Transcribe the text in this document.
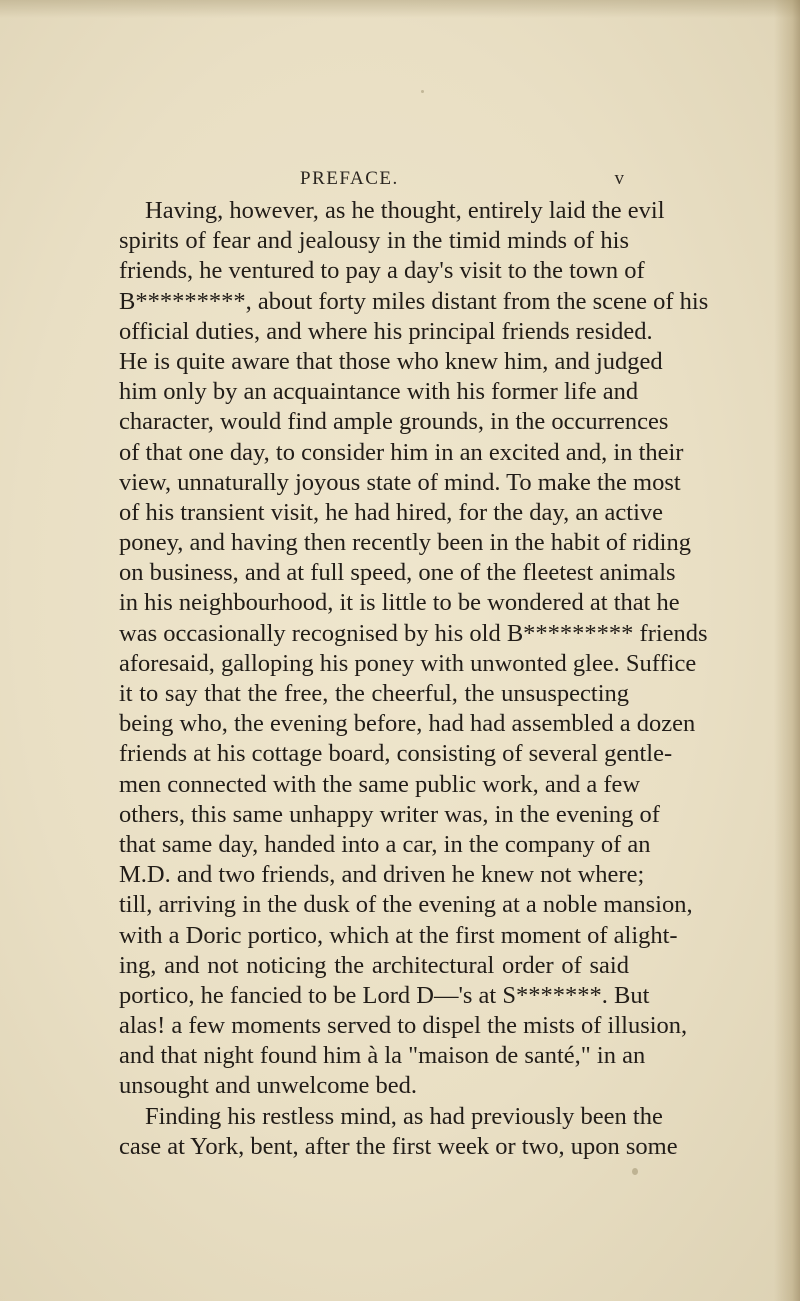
PREFACE.	v
Having, however, as he thought, entirely laid the evil
spirits of fear and jealousy in the timid minds of his
friends, he ventured to pay a day's visit to the town of
B*********, about forty miles distant from the scene of his
official duties, and where his principal friends resided.
He is quite aware that those who knew him, and judged
him only by an acquaintance with his former life and
character, would find ample grounds, in the occurrences
of that one day, to consider him in an excited and, in their
view, unnaturally joyous state of mind. To make the most
of his transient visit, he had hired, for the day, an active
poney, and having then recently been in the habit of riding
on business, and at full speed, one of the fleetest animals
in his neighbourhood, it is little to be wondered at that he
was occasionally recognised by his old B********* friends
aforesaid, galloping his poney with unwonted glee. Suffice
it to say that the free, the cheerful, the unsuspecting
being who, the evening before, had had assembled a dozen
friends at his cottage board, consisting of several gentle-
men connected with the same public work, and a few
others, this same unhappy writer was, in the evening of
that same day, handed into a car, in the company of an
M.D. and two friends, and driven he knew not where;
till, arriving in the dusk of the evening at a noble mansion,
with a Doric portico, which at the first moment of alight-
ing, and not noticing the architectural order of said
portico, he fancied to be Lord D—'s at S*******. But
alas! a few moments served to dispel the mists of illusion,
and that night found him à la "maison de santé," in an
unsought and unwelcome bed.
Finding his restless mind, as had previously been the
case at York, bent, after the first week or two, upon some
